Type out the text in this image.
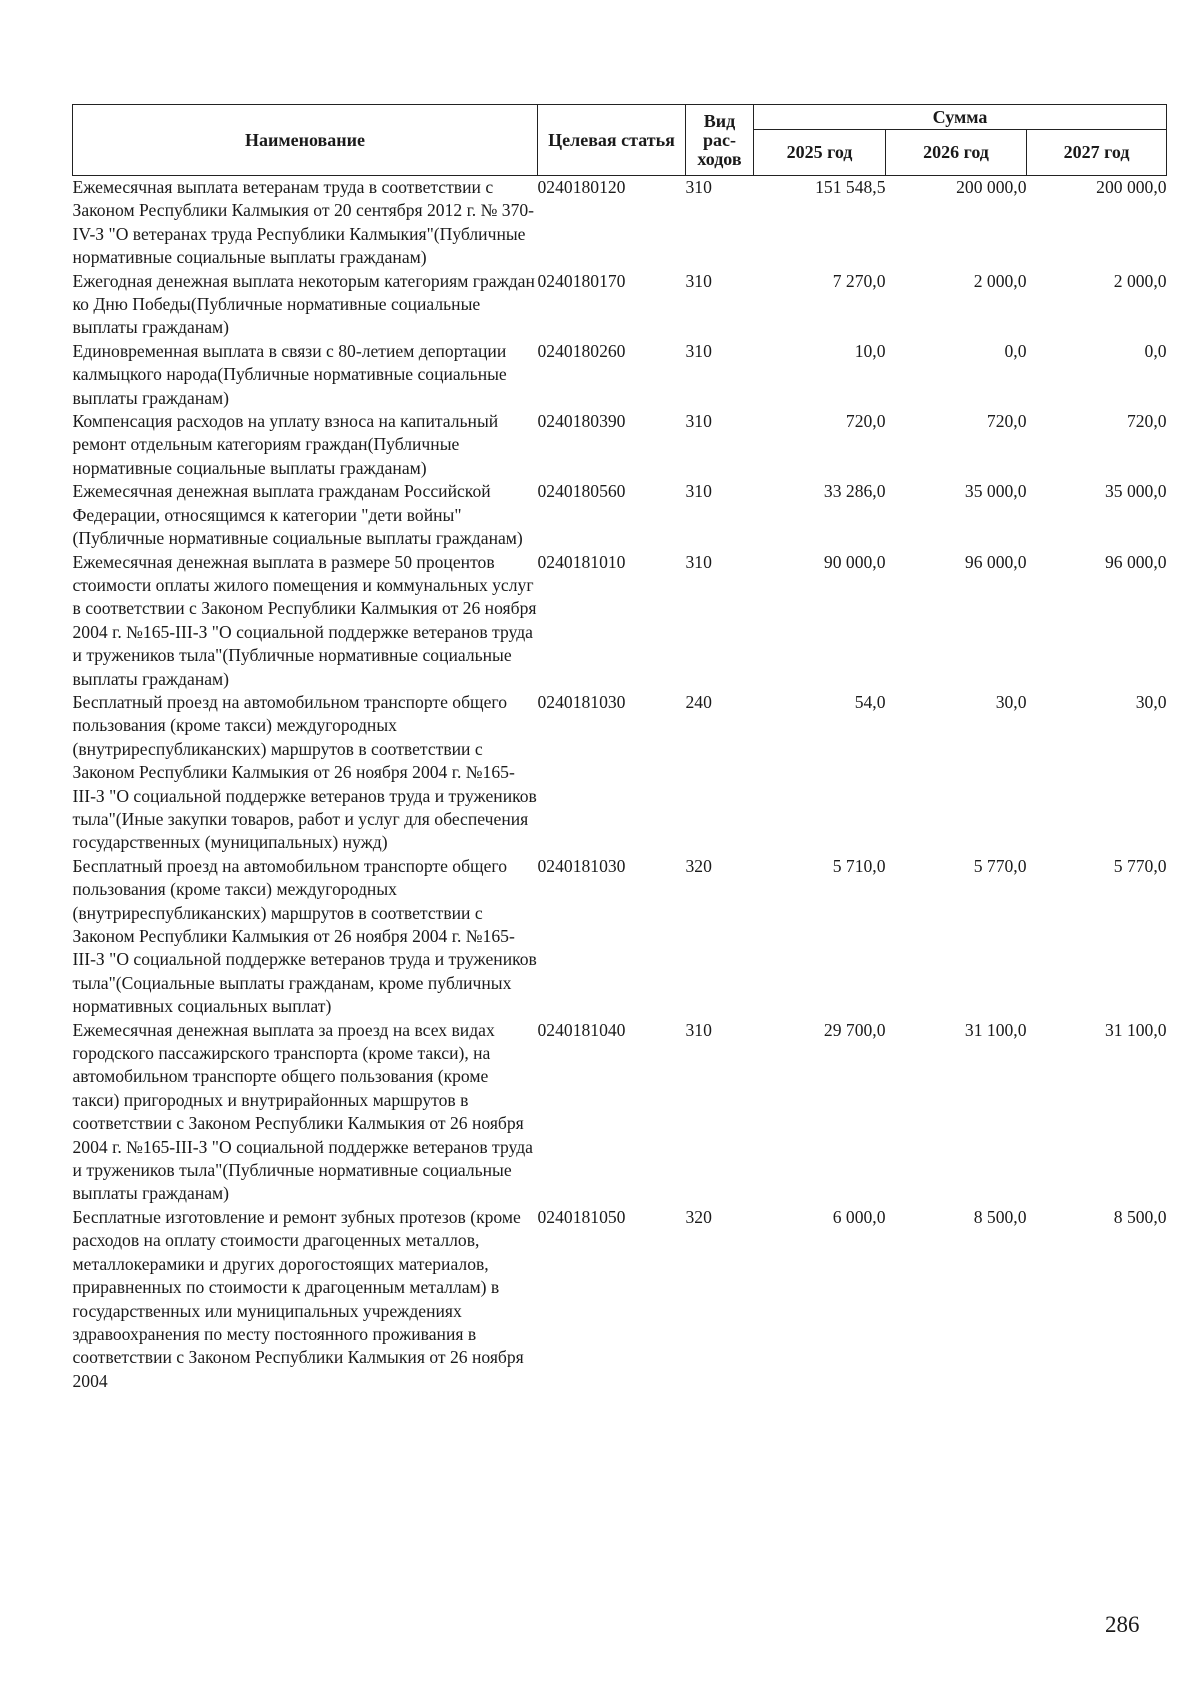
Наименование	Целевая статья	Вид рас-ходов	Сумма		
			2025 год	2026 год	2027 год
Ежемесячная выплата ветеранам труда в соответствии с Законом Республики Калмыкия от 20 сентября 2012 г. № 370-IV-З "О ветеранах труда Республики Калмыкия"(Публичные нормативные социальные выплаты гражданам)	0240180120	310	151 548,5	200 000,0	200 000,0
Ежегодная денежная выплата некоторым категориям граждан ко Дню Победы(Публичные нормативные социальные выплаты гражданам)	0240180170	310	7 270,0	2 000,0	2 000,0
Единовременная выплата в связи с 80-летием депортации калмыцкого народа(Публичные нормативные социальные выплаты гражданам)	0240180260	310	10,0	0,0	0,0
Компенсация расходов на уплату взноса на капитальный ремонт отдельным категориям граждан(Публичные нормативные социальные выплаты гражданам)	0240180390	310	720,0	720,0	720,0
Ежемесячная денежная выплата гражданам Российской Федерации, относящимся к категории "дети войны"(Публичные нормативные социальные выплаты гражданам)	0240180560	310	33 286,0	35 000,0	35 000,0
Ежемесячная денежная выплата в размере 50 процентов стоимости оплаты жилого помещения и коммунальных услуг в соответствии с Законом Республики Калмыкия от 26 ноября 2004 г. №165-III-З "О социальной поддержке ветеранов труда и тружеников тыла"(Публичные нормативные социальные выплаты гражданам)	0240181010	310	90 000,0	96 000,0	96 000,0
Бесплатный проезд на автомобильном транспорте общего пользования (кроме такси) междугородных (внутриреспубликанских) маршрутов в соответствии с Законом Республики Калмыкия от 26 ноября 2004 г. №165-III-З "О социальной поддержке ветеранов труда и тружеников тыла"(Иные закупки товаров, работ и услуг для обеспечения государственных (муниципальных) нужд)	0240181030	240	54,0	30,0	30,0
Бесплатный проезд на автомобильном транспорте общего пользования (кроме такси) междугородных (внутриреспубликанских) маршрутов в соответствии с Законом Республики Калмыкия от 26 ноября 2004 г. №165-III-З "О социальной поддержке ветеранов труда и тружеников тыла"(Социальные выплаты гражданам, кроме публичных нормативных социальных выплат)	0240181030	320	5 710,0	5 770,0	5 770,0
Ежемесячная денежная выплата за проезд на всех видах городского пассажирского транспорта (кроме такси), на автомобильном транспорте общего пользования (кроме такси) пригородных и внутрирайонных маршрутов в соответствии с Законом Республики Калмыкия от 26 ноября 2004 г. №165-III-З "О социальной поддержке ветеранов труда и тружеников тыла"(Публичные нормативные социальные выплаты гражданам)	0240181040	310	29 700,0	31 100,0	31 100,0
Бесплатные изготовление и ремонт зубных протезов (кроме расходов на оплату стоимости драгоценных металлов, металлокерамики и других дорогостоящих материалов, приравненных по стоимости к драгоценным металлам) в государственных или муниципальных учреждениях здравоохранения по месту постоянного проживания в соответствии с Законом Республики Калмыкия от 26 ноября 2004	0240181050	320	6 000,0	8 500,0	8 500,0
286
